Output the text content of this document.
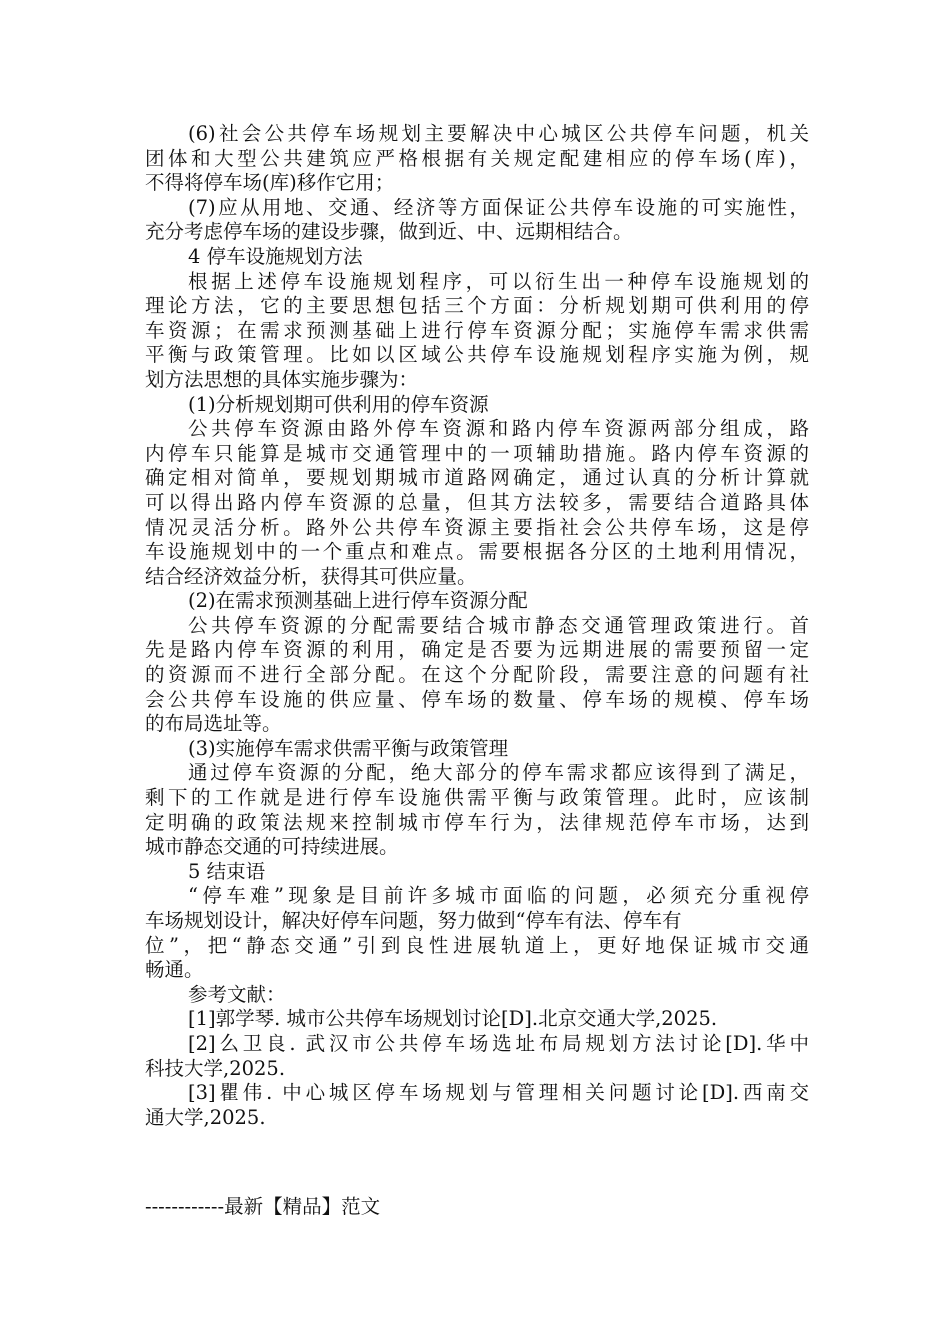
(6)社会公共停车场规划主要解决中心城区公共停车问题，机关
团体和大型公共建筑应严格根据有关规定配建相应的停车场(库)，
不得将停车场(库)移作它用；

(7)应从用地、交通、经济等方面保证公共停车设施的可实施性，
充分考虑停车场的建设步骤，做到近、中、远期相结合。

4 停车设施规划方法

根据上述停车设施规划程序，可以衍生出一种停车设施规划的
理论方法，它的主要思想包括三个方面：分析规划期可供利用的停
车资源；在需求预测基础上进行停车资源分配；实施停车需求供需
平衡与政策管理。比如以区域公共停车设施规划程序实施为例，规
划方法思想的具体实施步骤为：

(1)分析规划期可供利用的停车资源

公共停车资源由路外停车资源和路内停车资源两部分组成，路
内停车只能算是城市交通管理中的一项辅助措施。路内停车资源的
确定相对简单，要规划期城市道路网确定，通过认真的分析计算就
可以得出路内停车资源的总量，但其方法较多，需要结合道路具体
情况灵活分析。路外公共停车资源主要指社会公共停车场，这是停
车设施规划中的一个重点和难点。需要根据各分区的土地利用情况，
结合经济效益分析，获得其可供应量。

(2)在需求预测基础上进行停车资源分配

公共停车资源的分配需要结合城市静态交通管理政策进行。首
先是路内停车资源的利用，确定是否要为远期进展的需要预留一定
的资源而不进行全部分配。在这个分配阶段，需要注意的问题有社
会公共停车设施的供应量、停车场的数量、停车场的规模、停车场
的布局选址等。

(3)实施停车需求供需平衡与政策管理

通过停车资源的分配，绝大部分的停车需求都应该得到了满足，
剩下的工作就是进行停车设施供需平衡与政策管理。此时，应该制
定明确的政策法规来控制城市停车行为，法律规范停车市场，达到
城市静态交通的可持续进展。

5 结束语

“停车难”现象是目前许多城市面临的问题，必须充分重视停
车场规划设计，解决好停车问题，努力做到“停车有法、停车有
位”，把“静态交通”引到良性进展轨道上，更好地保证城市交通
畅通。

参考文献：

[1]郭学琴. 城市公共停车场规划讨论[D].北京交通大学,2025.

[2]么卫良. 武汉市公共停车场选址布局规划方法讨论[D].华中
科技大学,2025.

[3]瞿伟. 中心城区停车场规划与管理相关问题讨论[D].西南交
通大学,2025.

------------最新【精品】范文
